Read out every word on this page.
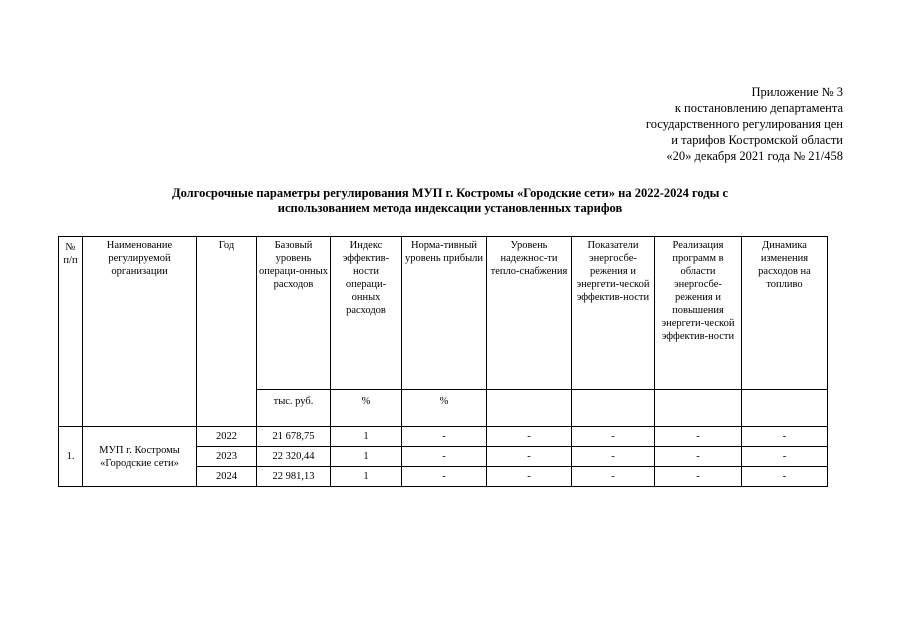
Приложение № 3
к постановлению департамента
государственного регулирования цен
и тарифов Костромской области
«20» декабря 2021 года № 21/458
Долгосрочные параметры регулирования МУП г. Костромы «Городские сети» на 2022-2024 годы с
использованием метода индексации установленных тарифов
№ п/п	Наименование регулируемой организации	Год	Базовый уровень операци-онных расходов	Индекс эффектив-ности операци-онных расходов	Норма-тивный уровень прибыли	Уровень надежнос-ти тепло-снабжения	Показатели энергосбе-режения и энергети-ческой эффектив-ности	Реализация программ в области энергосбе-режения и повышения энергети-ческой эффектив-ности	Динамика изменения расходов на топливо
			тыс. руб.	%	%				
1.	МУП г. Костромы «Городские сети»	2022	21 678,75	1	-	-	-	-	-
		2023	22 320,44	1	-	-	-	-	-
		2024	22 981,13	1	-	-	-	-	-
